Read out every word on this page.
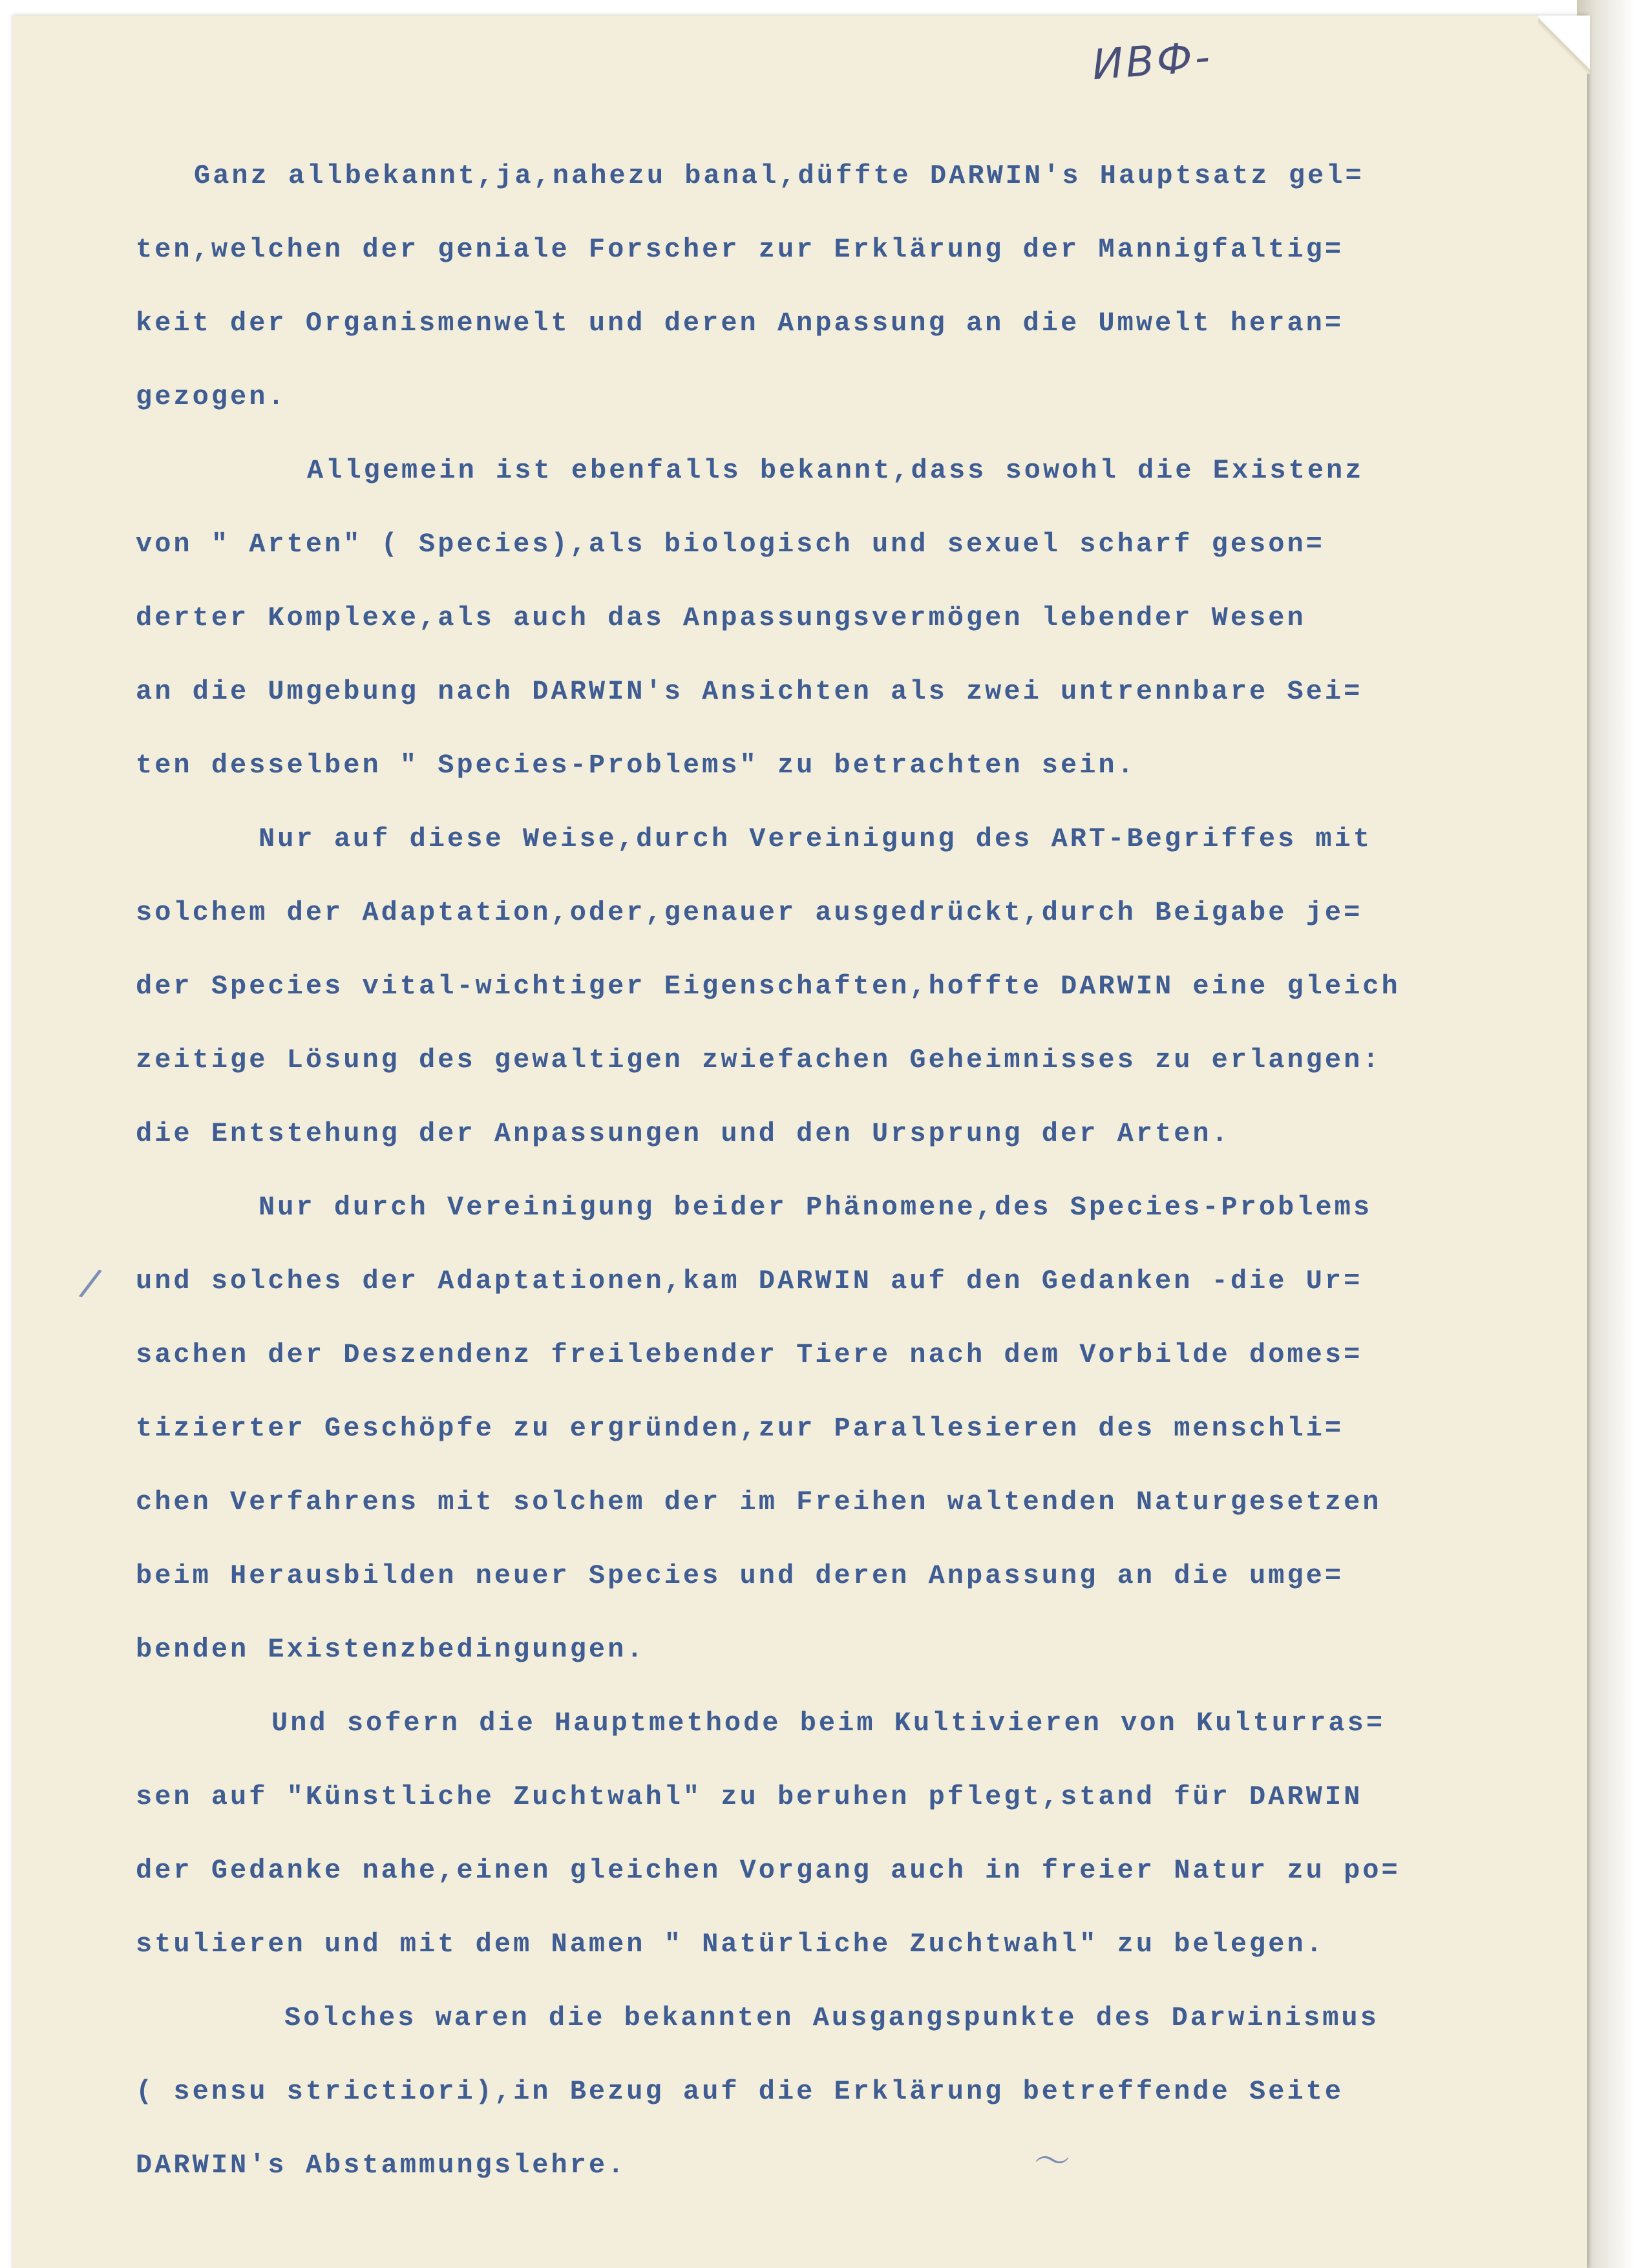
ИВФ-
Ganz allbekannt,ja,nahezu banal,düffte DARWIN's Hauptsatz gel=
ten,welchen der geniale Forscher zur Erklärung der Mannigfaltig=
keit der Organismenwelt und deren Anpassung an die Umwelt heran=
gezogen.
Allgemein ist ebenfalls bekannt,dass sowohl die Existenz
von " Arten" ( Species),als biologisch und sexuel scharf geson=
derter Komplexe,als auch das Anpassungsvermögen lebender Wesen
an die Umgebung nach DARWIN's Ansichten als zwei untrennbare Sei=
ten desselben " Species-Problems" zu betrachten sein.
Nur auf diese Weise,durch Vereinigung des ART-Begriffes mit
solchem der Adaptation,oder,genauer ausgedrückt,durch Beigabe je=
der Species vital-wichtiger Eigenschaften,hoffte DARWIN eine gleich
zeitige Lösung des gewaltigen zwiefachen Geheimnisses zu erlangen:
die Entstehung der Anpassungen und den Ursprung der Arten.
Nur durch Vereinigung beider Phänomene,des Species-Problems
und solches der Adaptationen,kam DARWIN auf den Gedanken -die Ur=
sachen der Deszendenz freilebender Tiere nach dem Vorbilde domes=
tizierter Geschöpfe zu ergründen,zur Parallesieren des menschli=
chen Verfahrens mit solchem der im Freihen waltenden Naturgesetzen
beim Herausbilden neuer Species und deren Anpassung an die umge=
benden Existenzbedingungen.
Und sofern die Hauptmethode beim Kultivieren von Kulturras=
sen auf "Künstliche Zuchtwahl" zu beruhen pflegt,stand für DARWIN
der Gedanke nahe,einen gleichen Vorgang auch in freier Natur zu po=
stulieren und mit dem Namen " Natürliche Zuchtwahl" zu belegen.
Solches waren die bekannten Ausgangspunkte des Darwinismus
( sensu strictiori),in Bezug auf die Erklärung betreffende Seite
DARWIN's Abstammungslehre.
/
〜
